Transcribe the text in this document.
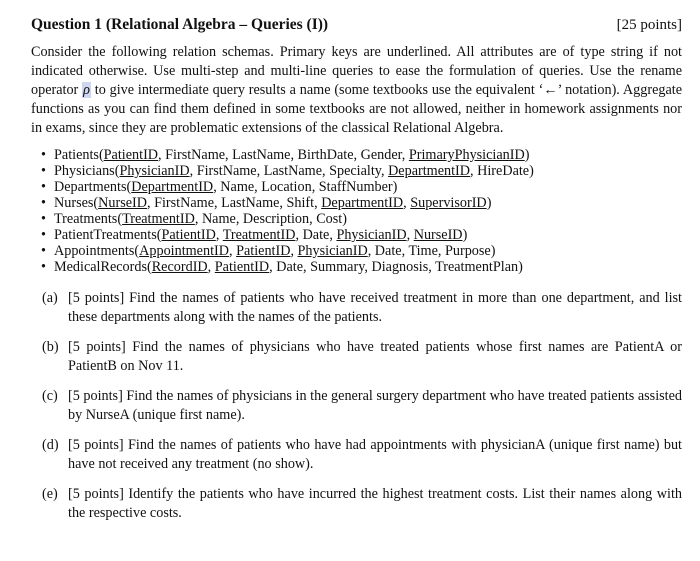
Question 1 (Relational Algebra – Queries (I))	[25 points]
Consider the following relation schemas. Primary keys are underlined. All attributes are of type string if not indicated otherwise. Use multi-step and multi-line queries to ease the formulation of queries. Use the rename operator ρ to give intermediate query results a name (some textbooks use the equivalent ‘←’ notation). Aggregate functions as you can find them defined in some textbooks are not allowed, neither in homework assignments nor in exams, since they are problematic extensions of the classical Relational Algebra.
• Patients(PatientID, FirstName, LastName, BirthDate, Gender, PrimaryPhysicianID)
• Physicians(PhysicianID, FirstName, LastName, Specialty, DepartmentID, HireDate)
• Departments(DepartmentID, Name, Location, StaffNumber)
• Nurses(NurseID, FirstName, LastName, Shift, DepartmentID, SupervisorID)
• Treatments(TreatmentID, Name, Description, Cost)
• PatientTreatments(PatientID, TreatmentID, Date, PhysicianID, NurseID)
• Appointments(AppointmentID, PatientID, PhysicianID, Date, Time, Purpose)
• MedicalRecords(RecordID, PatientID, Date, Summary, Diagnosis, TreatmentPlan)
(a) [5 points] Find the names of patients who have received treatment in more than one department, and list these departments along with the names of the patients.
(b) [5 points] Find the names of physicians who have treated patients whose first names are PatientA or PatientB on Nov 11.
(c) [5 points] Find the names of physicians in the general surgery department who have treated patients assisted by NurseA (unique first name).
(d) [5 points] Find the names of patients who have had appointments with physicianA (unique first name) but have not received any treatment (no show).
(e) [5 points] Identify the patients who have incurred the highest treatment costs. List their names along with the respective costs.
